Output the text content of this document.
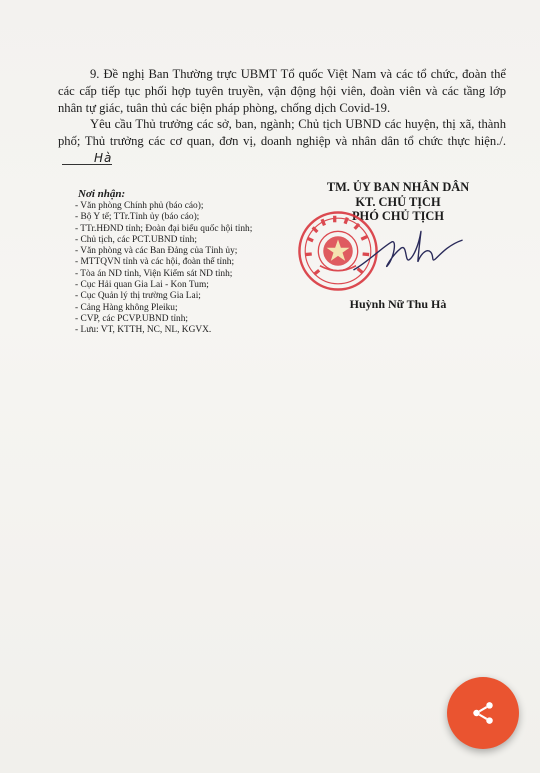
9. Đề nghị Ban Thường trực UBMT Tổ quốc Việt Nam và các tổ chức, đoàn thể các cấp tiếp tục phối hợp tuyên truyền, vận động hội viên, đoàn viên và các tầng lớp nhân tự giác, tuân thủ các biện pháp phòng, chống dịch Covid-19.
Yêu cầu Thủ trưởng các sở, ban, ngành; Chủ tịch UBND các huyện, thị xã, thành phố; Thủ trưởng các cơ quan, đơn vị, doanh nghiệp và nhân dân tổ chức thực hiện./.Hà
Nơi nhận:
- Văn phòng Chính phủ (báo cáo);
- Bộ Y tế; TTr.Tỉnh ủy (báo cáo);
- TTr.HĐND tỉnh; Đoàn đại biểu quốc hội tỉnh;
- Chủ tịch, các PCT.UBND tỉnh;
- Văn phòng và các Ban Đảng của Tỉnh ủy;
- MTTQVN tỉnh và các hội, đoàn thể tỉnh;
- Tòa án ND tỉnh, Viện Kiểm sát ND tỉnh;
- Cục Hải quan Gia Lai - Kon Tum;
- Cục Quản lý thị trường Gia Lai;
- Cảng Hàng không Pleiku;
- CVP, các PCVP.UBND tỉnh;
- Lưu: VT, KTTH, NC, NL, KGVX.
TM. ỦY BAN NHÂN DÂN
KT. CHỦ TỊCH
PHÓ CHỦ TỊCH
Huỳnh Nữ Thu Hà
